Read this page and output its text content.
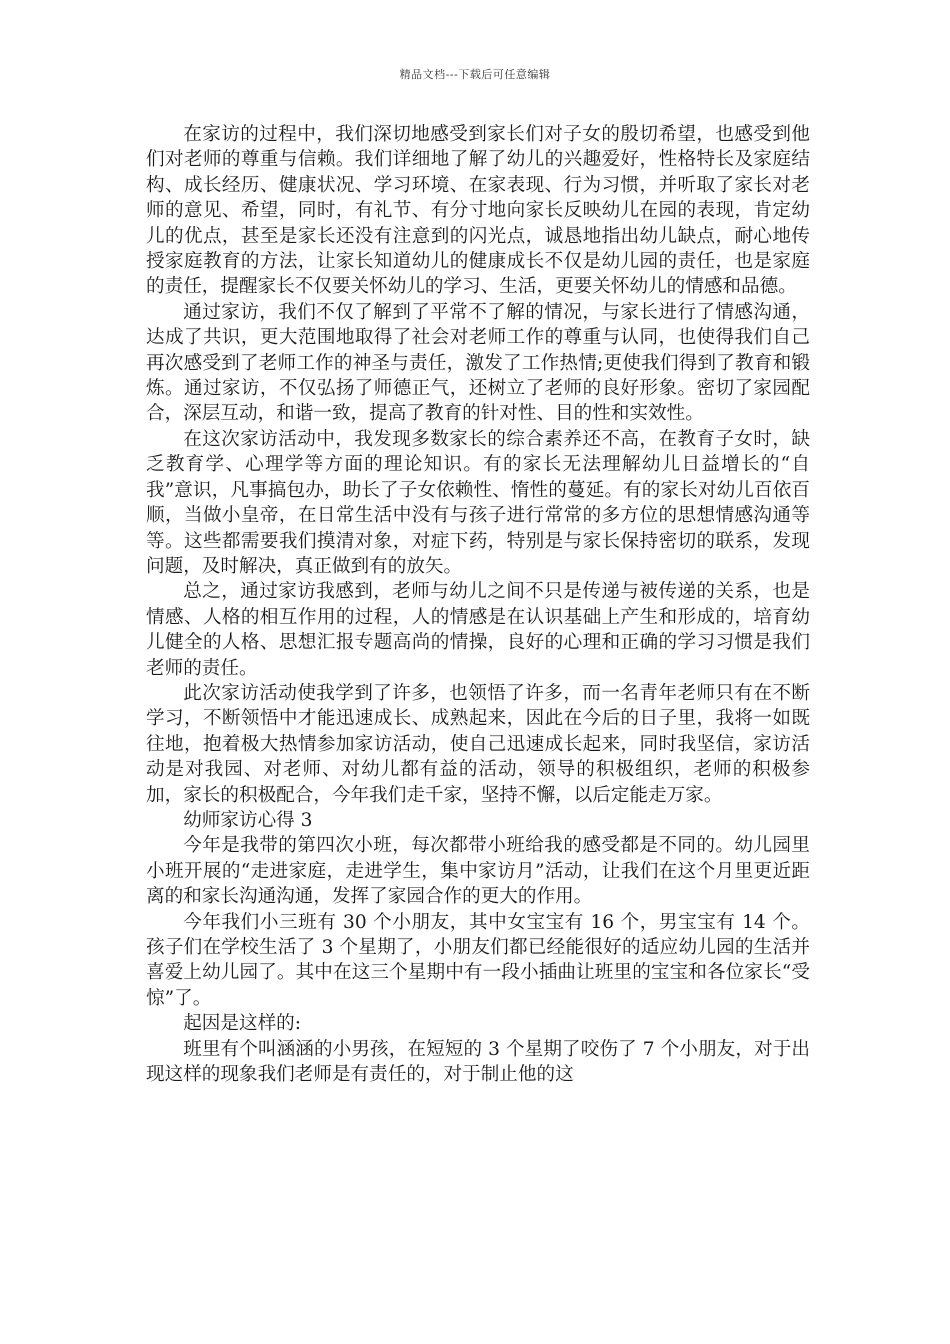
精品文档---下载后可任意编辑

在家访的过程中，我们深切地感受到家长们对子女的殷切希望，也感受到他们对老师的尊重与信赖。我们详细地了解了幼儿的兴趣爱好，性格特长及家庭结构、成长经历、健康状况、学习环境、在家表现、行为习惯，并听取了家长对老师的意见、希望，同时，有礼节、有分寸地向家长反映幼儿在园的表现，肯定幼儿的优点，甚至是家长还没有注意到的闪光点，诚恳地指出幼儿缺点，耐心地传授家庭教育的方法，让家长知道幼儿的健康成长不仅是幼儿园的责任，也是家庭的责任，提醒家长不仅要关怀幼儿的学习、生活，更要关怀幼儿的情感和品德。

通过家访，我们不仅了解到了平常不了解的情况，与家长进行了情感沟通，达成了共识，更大范围地取得了社会对老师工作的尊重与认同，也使得我们自己再次感受到了老师工作的神圣与责任，激发了工作热情;更使我们得到了教育和锻炼。通过家访，不仅弘扬了师德正气，还树立了老师的良好形象。密切了家园配合，深层互动，和谐一致，提高了教育的针对性、目的性和实效性。

在这次家访活动中，我发现多数家长的综合素养还不高，在教育子女时，缺乏教育学、心理学等方面的理论知识。有的家长无法理解幼儿日益增长的“自我”意识，凡事搞包办，助长了子女依赖性、惰性的蔓延。有的家长对幼儿百依百顺，当做小皇帝，在日常生活中没有与孩子进行常常的多方位的思想情感沟通等等。这些都需要我们摸清对象，对症下药，特别是与家长保持密切的联系，发现问题，及时解决，真正做到有的放矢。

总之，通过家访我感到，老师与幼儿之间不只是传递与被传递的关系，也是情感、人格的相互作用的过程，人的情感是在认识基础上产生和形成的，培育幼儿健全的人格、思想汇报专题高尚的情操，良好的心理和正确的学习习惯是我们老师的责任。

此次家访活动使我学到了许多，也领悟了许多，而一名青年老师只有在不断学习，不断领悟中才能迅速成长、成熟起来，因此在今后的日子里，我将一如既往地，抱着极大热情参加家访活动，使自己迅速成长起来，同时我坚信，家访活动是对我园、对老师、对幼儿都有益的活动，领导的积极组织，老师的积极参加，家长的积极配合，今年我们走千家，坚持不懈，以后定能走万家。

幼师家访心得 3

今年是我带的第四次小班，每次都带小班给我的感受都是不同的。幼儿园里小班开展的“走进家庭，走进学生，集中家访月”活动，让我们在这个月里更近距离的和家长沟通沟通，发挥了家园合作的更大的作用。

今年我们小三班有 30 个小朋友，其中女宝宝有 16 个，男宝宝有 14 个。孩子们在学校生活了 3 个星期了，小朋友们都已经能很好的适应幼儿园的生活并喜爱上幼儿园了。其中在这三个星期中有一段小插曲让班里的宝宝和各位家长“受惊”了。

起因是这样的:

班里有个叫涵涵的小男孩，在短短的 3 个星期了咬伤了 7 个小朋友，对于出现这样的现象我们老师是有责任的，对于制止他的这
